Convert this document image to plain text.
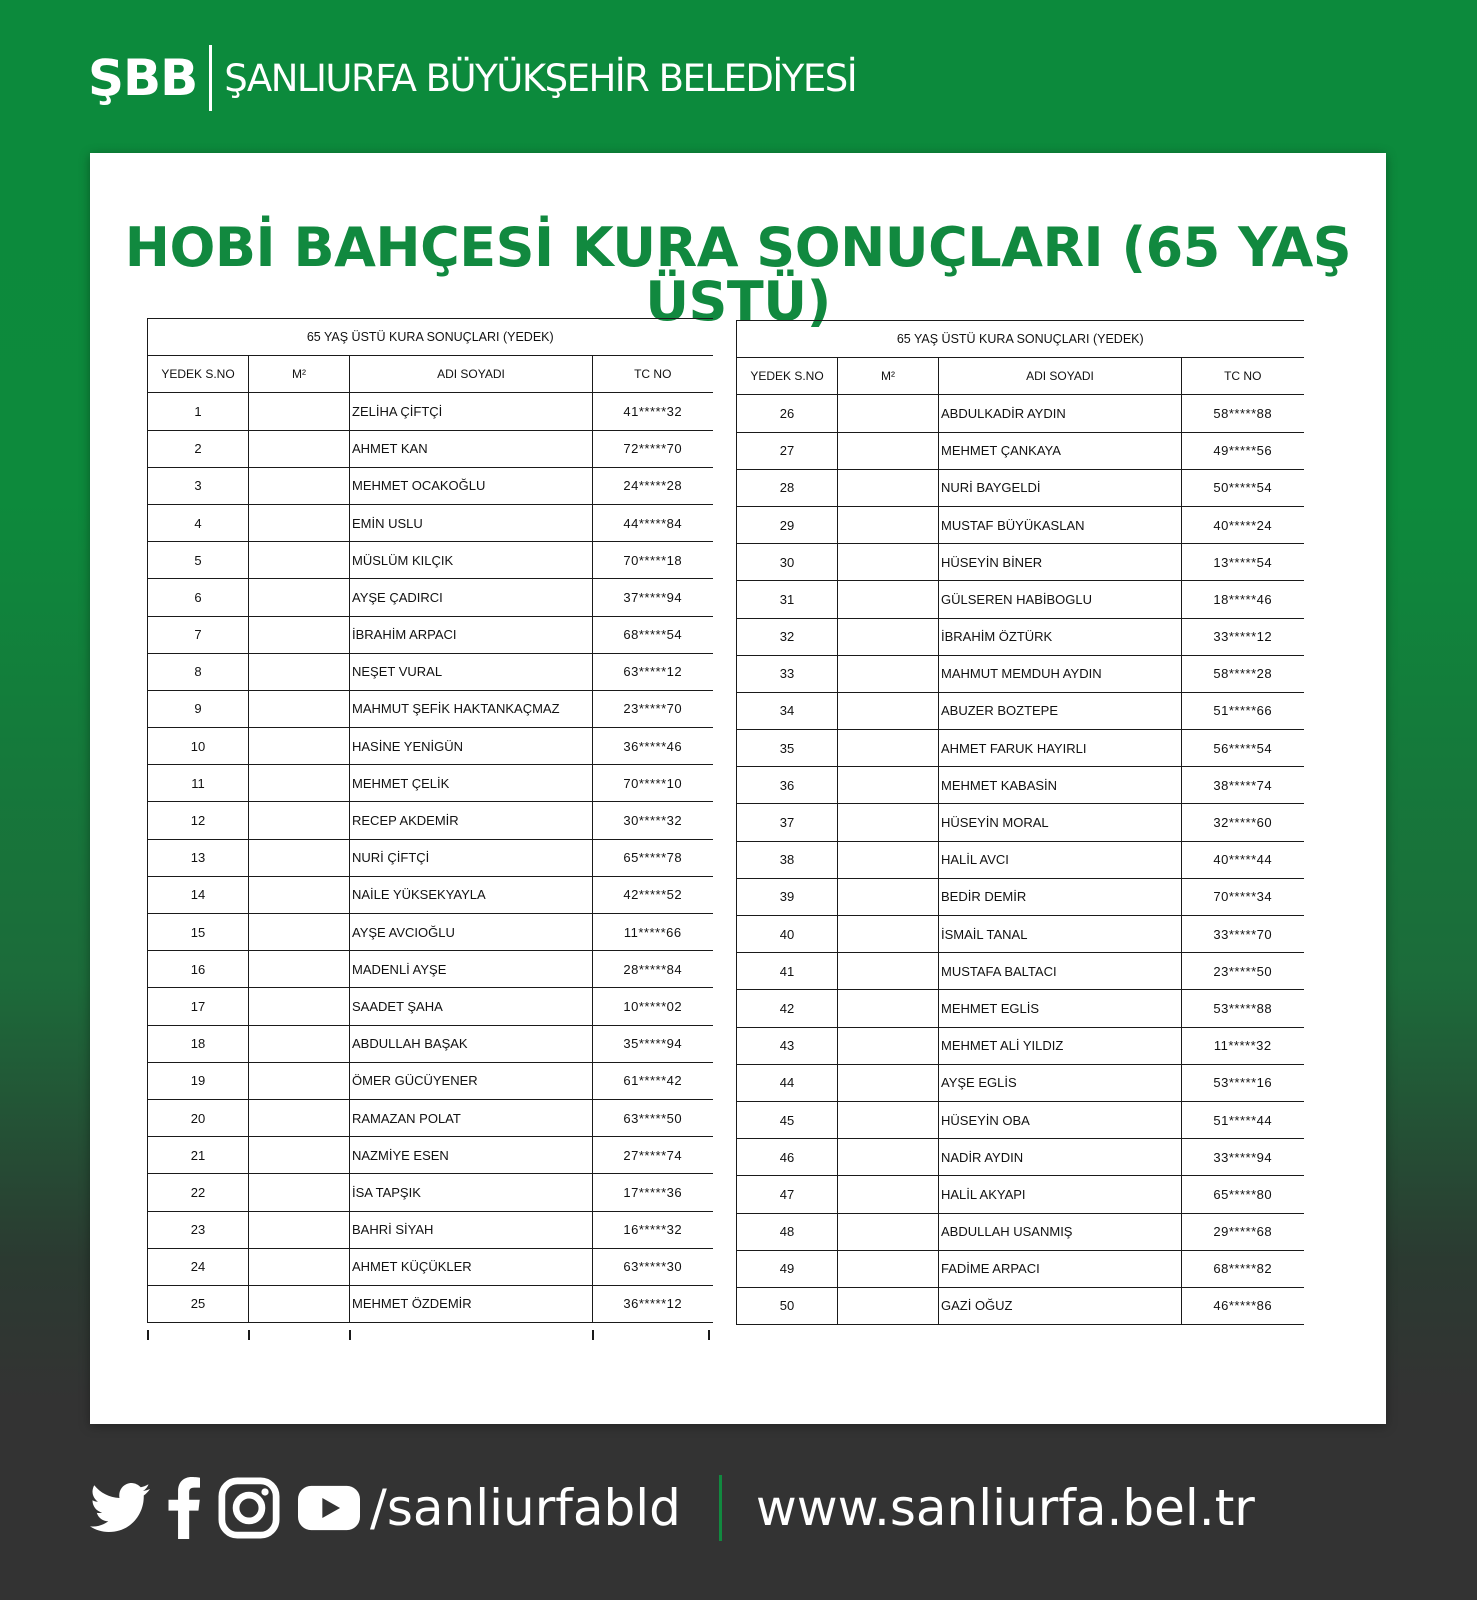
ŞBB ŞANLIURFA BÜYÜKŞEHİR BELEDİYESİ
HOBİ BAHÇESİ KURA SONUÇLARI (65 YAŞ ÜSTÜ)
65 YAŞ ÜSTÜ KURA SONUÇLARI (YEDEK)			
YEDEK S.NO	M²	ADI SOYADI	TC NO
1		ZELİHA ÇİFTÇİ	41*****32
2		AHMET KAN	72*****70
3		MEHMET OCAKOĞLU	24*****28
4		EMİN USLU	44*****84
5		MÜSLÜM KILÇIK	70*****18
6		AYŞE ÇADIRCI	37*****94
7		İBRAHİM ARPACI	68*****54
8		NEŞET VURAL	63*****12
9		MAHMUT ŞEFİK HAKTANKAÇMAZ	23*****70
10		HASİNE YENİGÜN	36*****46
11		MEHMET ÇELİK	70*****10
12		RECEP AKDEMİR	30*****32
13		NURİ ÇİFTÇİ	65*****78
14		NAİLE YÜKSEKYAYLA	42*****52
15		AYŞE AVCIOĞLU	11*****66
16		MADENLİ AYŞE	28*****84
17		SAADET ŞAHA	10*****02
18		ABDULLAH BAŞAK	35*****94
19		ÖMER GÜCÜYENER	61*****42
20		RAMAZAN POLAT	63*****50
21		NAZMİYE ESEN	27*****74
22		İSA TAPŞIK	17*****36
23		BAHRİ SİYAH	16*****32
24		AHMET KÜÇÜKLER	63*****30
25		MEHMET ÖZDEMİR	36*****12
65 YAŞ ÜSTÜ KURA SONUÇLARI (YEDEK)			
YEDEK S.NO	M²	ADI SOYADI	TC NO
26		ABDULKADİR AYDIN	58*****88
27		MEHMET ÇANKAYA	49*****56
28		NURİ BAYGELDİ	50*****54
29		MUSTAF BÜYÜKASLAN	40*****24
30		HÜSEYİN BİNER	13*****54
31		GÜLSEREN HABİBOGLU	18*****46
32		İBRAHİM ÖZTÜRK	33*****12
33		MAHMUT MEMDUH AYDIN	58*****28
34		ABUZER BOZTEPE	51*****66
35		AHMET FARUK HAYIRLI	56*****54
36		MEHMET KABASİN	38*****74
37		HÜSEYİN MORAL	32*****60
38		HALİL AVCI	40*****44
39		BEDİR DEMİR	70*****34
40		İSMAİL TANAL	33*****70
41		MUSTAFA BALTACI	23*****50
42		MEHMET EGLİS	53*****88
43		MEHMET ALİ YILDIZ	11*****32
44		AYŞE EGLİS	53*****16
45		HÜSEYİN OBA	51*****44
46		NADİR AYDIN	33*****94
47		HALİL AKYAPI	65*****80
48		ABDULLAH USANMIŞ	29*****68
49		FADİME ARPACI	68*****82
50		GAZİ OĞUZ	46*****86
/sanliurfabld www.sanliurfa.bel.tr
